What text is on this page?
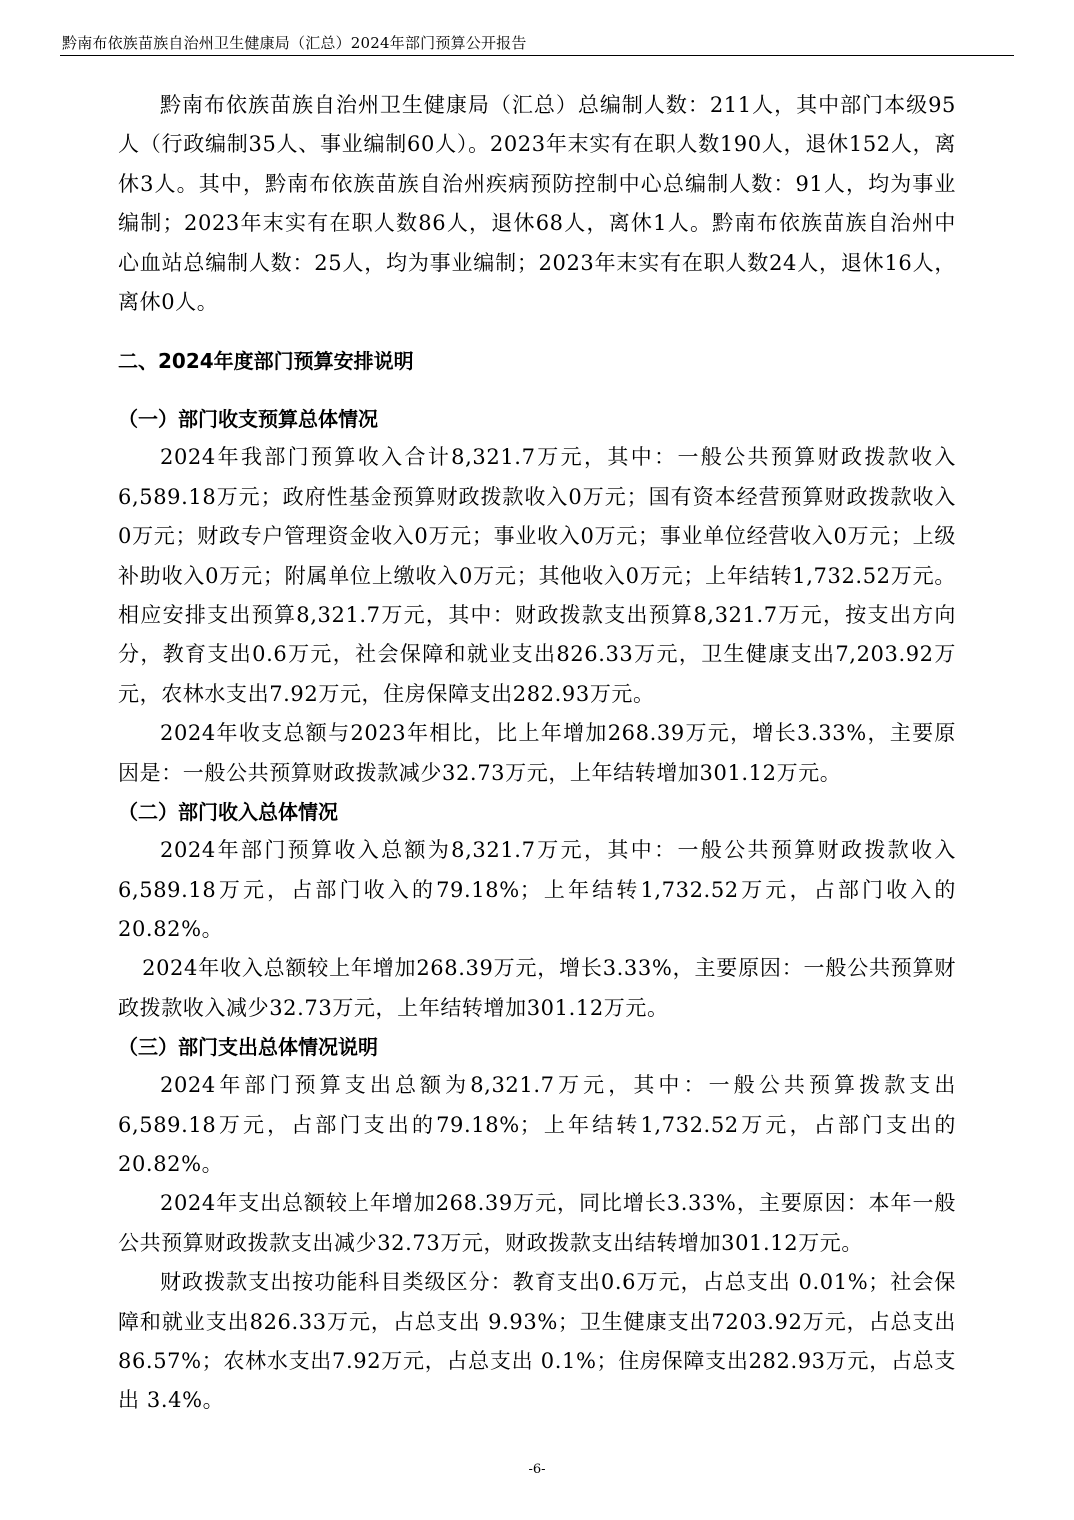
黔南布依族苗族自治州卫生健康局（汇总）2024年部门预算公开报告

黔南布依族苗族自治州卫生健康局（汇总）总编制人数：211人，其中部门本级95人（行政编制35人、事业编制60人）。2023年末实有在职人数190人，退休152人，离休3人。其中，黔南布依族苗族自治州疾病预防控制中心总编制人数：91人，均为事业编制；2023年末实有在职人数86人，退休68人，离休1人。黔南布依族苗族自治州中心血站总编制人数：25人，均为事业编制；2023年末实有在职人数24人，退休16人，离休0人。

二、2024年度部门预算安排说明
（一）部门收支预算总体情况

2024年我部门预算收入合计8,321.7万元，其中：一般公共预算财政拨款收入6,589.18万元；政府性基金预算财政拨款收入0万元；国有资本经营预算财政拨款收入0万元；财政专户管理资金收入0万元；事业收入0万元；事业单位经营收入0万元；上级补助收入0万元；附属单位上缴收入0万元；其他收入0万元；上年结转1,732.52万元。相应安排支出预算8,321.7万元，其中：财政拨款支出预算8,321.7万元，按支出方向分，教育支出0.6万元，社会保障和就业支出826.33万元，卫生健康支出7,203.92万元，农林水支出7.92万元，住房保障支出282.93万元。

2024年收支总额与2023年相比，比上年增加268.39万元，增长3.33%，主要原因是：一般公共预算财政拨款减少32.73万元，上年结转增加301.12万元。

（二）部门收入总体情况

2024年部门预算收入总额为8,321.7万元，其中：一般公共预算财政拨款收入6,589.18万元，占部门收入的79.18%；上年结转1,732.52万元，占部门收入的20.82%。

2024年收入总额较上年增加268.39万元，增长3.33%，主要原因：一般公共预算财政拨款收入减少32.73万元，上年结转增加301.12万元。

（三）部门支出总体情况说明

2024年部门预算支出总额为8,321.7万元，其中：一般公共预算拨款支出6,589.18万元，占部门支出的79.18%；上年结转1,732.52万元，占部门支出的20.82%。

2024年支出总额较上年增加268.39万元，同比增长3.33%，主要原因：本年一般公共预算财政拨款支出减少32.73万元，财政拨款支出结转增加301.12万元。

财政拨款支出按功能科目类级区分：教育支出0.6万元，占总支出 0.01%；社会保障和就业支出826.33万元，占总支出 9.93%；卫生健康支出7203.92万元，占总支出 86.57%；农林水支出7.92万元，占总支出 0.1%；住房保障支出282.93万元，占总支出 3.4%。

-6-
